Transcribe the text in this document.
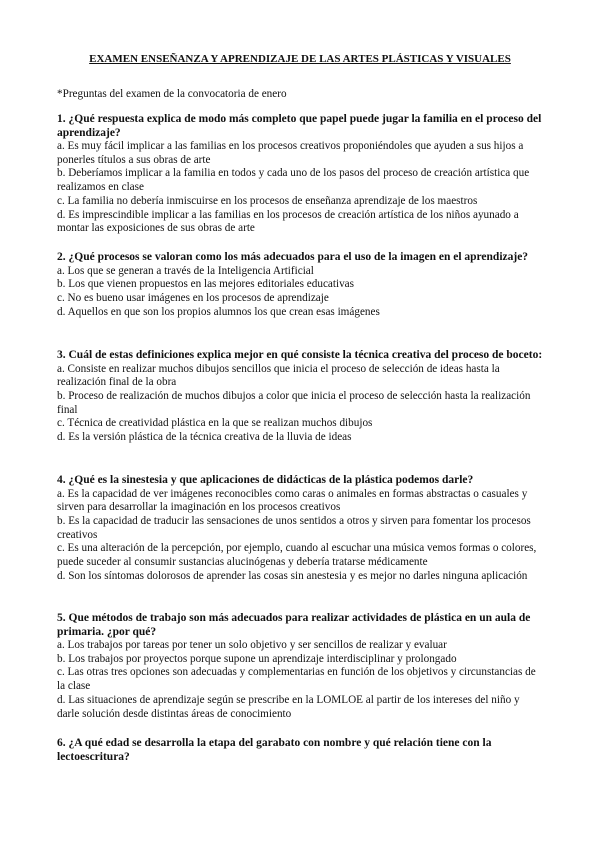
EXAMEN ENSEÑANZA Y APRENDIZAJE DE LAS ARTES PLÁSTICAS Y VISUALES
*Preguntas del examen de la convocatoria de enero
1. ¿Qué respuesta explica de modo más completo que papel puede jugar la familia en el proceso del aprendizaje?
a. Es muy fácil implicar a las familias en los procesos creativos proponiéndoles que ayuden a sus hijos a ponerles títulos a sus obras de arte
b. Deberíamos implicar a la familia en todos y cada uno de los pasos del proceso de creación artística que realizamos en clase
c. La familia no debería inmiscuirse en los procesos de enseñanza aprendizaje de los maestros
d. Es imprescindible implicar a las familias en los procesos de creación artística de los niños ayunado a montar las exposiciones de sus obras de arte
2. ¿Qué procesos se valoran como los más adecuados para el uso de la imagen en el aprendizaje?
a. Los que se generan a través de la Inteligencia Artificial
b. Los que vienen propuestos en las mejores editoriales educativas
c. No es bueno usar imágenes en los procesos de aprendizaje
d. Aquellos en que son los propios alumnos los que crean esas imágenes
3. Cuál de estas definiciones explica mejor en qué consiste la técnica creativa del proceso de boceto:
a. Consiste en realizar muchos dibujos sencillos que inicia el proceso de selección de ideas hasta la realización final de la obra
b. Proceso de realización de muchos dibujos a color que inicia el proceso de selección hasta la realización final
c. Técnica de creatividad plástica en la que se realizan muchos dibujos
d. Es la versión plástica de la técnica creativa de la lluvia de ideas
4. ¿Qué es la sinestesia y que aplicaciones de didácticas de la plástica podemos darle?
a. Es la capacidad de ver imágenes reconocibles como caras o animales en formas abstractas o casuales y sirven para desarrollar la imaginación en los procesos creativos
b. Es la capacidad de traducir las sensaciones de unos sentidos a otros y sirven para fomentar los procesos creativos
c. Es una alteración de la percepción, por ejemplo, cuando al escuchar una música vemos formas o colores, puede suceder al consumir sustancias alucinógenas y debería tratarse médicamente
d. Son los síntomas dolorosos de aprender las cosas sin anestesia y es mejor no darles ninguna aplicación
5. Que métodos de trabajo son más adecuados para realizar actividades de plástica en un aula de primaria. ¿por qué?
a. Los trabajos por tareas por tener un solo objetivo y ser sencillos de realizar y evaluar
b. Los trabajos por proyectos porque supone un aprendizaje interdisciplinar y prolongado
c. Las otras tres opciones son adecuadas y complementarias en función de los objetivos y circunstancias de la clase
d. Las situaciones de aprendizaje según se prescribe en la LOMLOE al partir de los intereses del niño y darle solución desde distintas áreas de conocimiento
6. ¿A qué edad se desarrolla la etapa del garabato con nombre y qué relación tiene con la lectoescritura?
